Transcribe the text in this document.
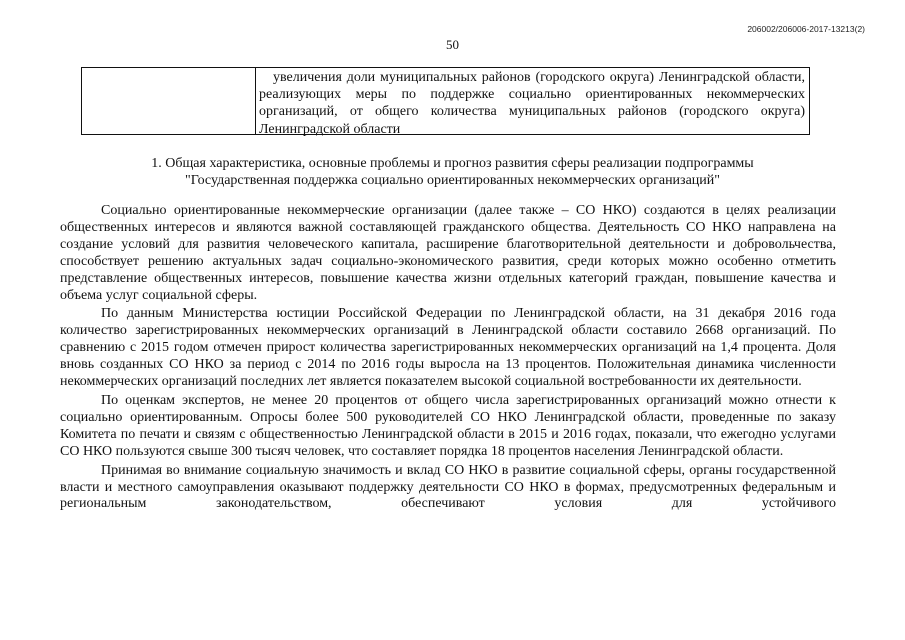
206002/206006-2017-13213(2)
50
увеличения доли муниципальных районов (городского округа) Ленинградской области, реализующих меры по поддержке социально ориентированных некоммерческих организаций, от общего количества муниципальных районов (городского округа) Ленинградской области
1. Общая характеристика, основные проблемы и прогноз развития сферы реализации подпрограммы
"Государственная поддержка социально ориентированных некоммерческих организаций"

Социально ориентированные некоммерческие организации (далее также – СО НКО) создаются в целях реализации общественных интересов и являются важной составляющей гражданского общества. Деятельность СО НКО направлена на создание условий для развития человеческого капитала, расширение благотворительной деятельности и добровольчества, способствует решению актуальных задач социально-экономического развития, среди которых можно особенно отметить представление общественных интересов, повышение качества жизни отдельных категорий граждан, повышение качества и объема услуг социальной сферы.

По данным Министерства юстиции Российской Федерации по Ленинградской области, на 31 декабря 2016 года количество зарегистрированных некоммерческих организаций в Ленинградской области составило 2668 организаций. По сравнению с 2015 годом отмечен прирост количества зарегистрированных некоммерческих организаций на 1,4 процента. Доля вновь созданных СО НКО за период с 2014 по 2016 годы выросла на 13 процентов. Положительная динамика численности некоммерческих организаций последних лет является показателем высокой социальной востребованности их деятельности.

По оценкам экспертов, не менее 20 процентов от общего числа зарегистрированных организаций можно отнести к социально ориентированным. Опросы более 500 руководителей СО НКО Ленинградской области, проведенные по заказу Комитета по печати и связям с общественностью Ленинградской области в 2015 и 2016 годах, показали, что ежегодно услугами СО НКО пользуются свыше 300 тысяч человек, что составляет порядка 18 процентов населения Ленинградской области.

Принимая во внимание социальную значимость и вклад СО НКО в развитие социальной сферы, органы государственной власти и местного самоуправления оказывают поддержку деятельности СО НКО в формах, предусмотренных федеральным и региональным законодательством, обеспечивают условия для устойчивого
